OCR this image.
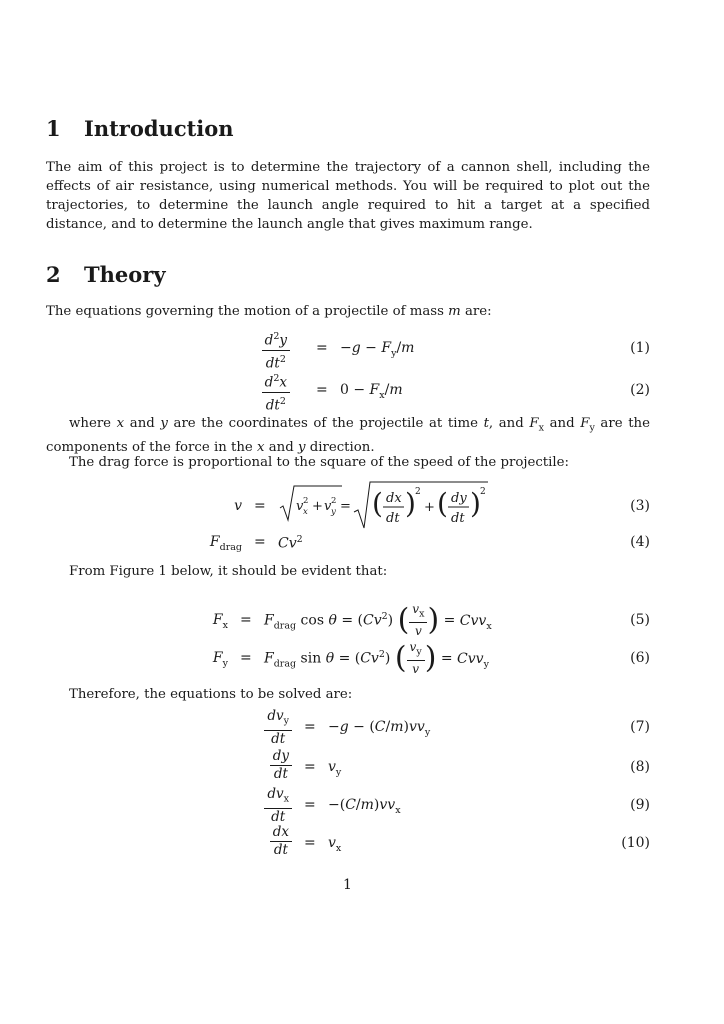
1 Introduction

The aim of this project is to determine the trajectory of a cannon shell, including the effects of air resistance, using numerical methods. You will be required to plot out the trajectories, to determine the launch angle required to hit a target at a specified distance, and to determine the launch angle that gives maximum range.

2 Theory

The equations governing the motion of a projectile of mass m are:

$\frac{d^2y}{dt^2} = -g - F_y/m$	(1)
$\frac{d^2x}{dt^2} = 0 - F_x/m$	(2)

where x and y are the coordinates of the projectile at time t, and $F_x$ and $F_y$ are the components of the force in the x and y direction.

The drag force is proportional to the square of the speed of the projectile:

v = v 2
x + v 2
y = ( dx
dt ) 2
+ ( dy
dt ) 2
(3)
$F_{drag} = Cv^2$	(4)

From Figure 1 below, it should be evident that:

$F_x = F_{drag}$ $\cos \theta = (Cv^2)$ ( $\frac{v_x}{v}$ ) = Cvv$_x$	(5)
$F_y = F_{drag}$ $\sin \theta = (Cv^2)$ ( $\frac{v_y}{v}$ ) = Cvv$_y$	(6)

Therefore, the equations to be solved are:

$\frac{dv_y}{dt} = -g - (C/m)vv_y$	(7)
$\frac{dy}{dt} = v_y$	(8)
$\frac{dv_x}{dt} = -(C/m)vv_x$	(9)
$\frac{dx}{dt} = v_x$	(10)
1
